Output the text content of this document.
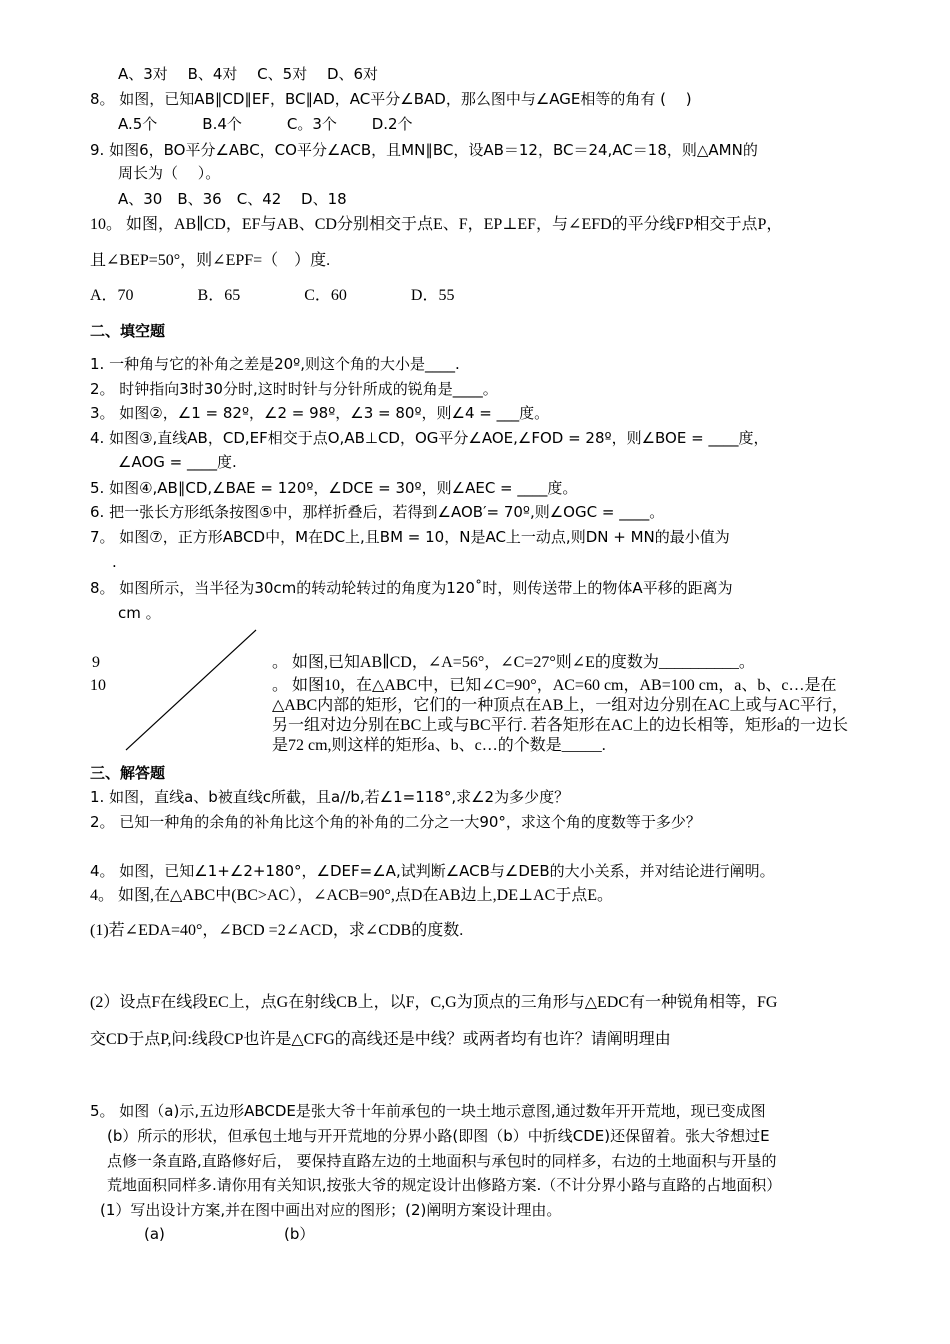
A、3对　 B、4对　 C、5对　 D、6对
8。 如图，已知AB∥CD∥EF，BC∥AD，AC平分∠BAD，那么图中与∠AGE相等的角有 (　 )
A.5个　　　B.4个　　　C。3个　　 D.2个
9. 如图6，BO平分∠ABC，CO平分∠ACB，且MN∥BC，设AB＝12，BC＝24,AC＝18，则△AMN的
周长为（　 ）。
A、30　B、36　C、42　 D、18
10。 如图，AB∥CD，EF与AB、CD分别相交于点E、F，EP⊥EF，与∠EFD的平分线FP相交于点P，
且∠BEP=50°，则∠EPF=（　）度.
A．70　　　　B．65　　　　C．60　　　　D．55
二、填空题
1. 一种角与它的补角之差是20º,则这个角的大小是____.
2。 时钟指向3时30分时,这时时针与分针所成的锐角是____。
3。 如图②，∠1 = 82º，∠2 = 98º，∠3 = 80º，则∠4 = ___度。
4. 如图③,直线AB，CD,EF相交于点O,AB⊥CD，OG平分∠AOE,∠FOD = 28º，则∠BOE = ____度，
∠AOG = ____度.
5. 如图④,AB∥CD,∠BAE = 120º，∠DCE = 30º，则∠AEC = ____度。
6. 把一张长方形纸条按图⑤中，那样折叠后，若得到∠AOB′= 70º,则∠OGC = ____。
7。 如图⑦，正方形ABCD中，M在DC上,且BM = 10，N是AC上一动点,则DN + MN的最小值为
.
8。 如图所示，当半径为30cm的转动轮转过的角度为120˚时，则传送带上的物体A平移的距离为
cm 。
9	。 如图,已知AB∥CD，∠A=56°，∠C=27°则∠E的度数为__________。
10	。 如图10，在△ABC中，已知∠C=90°，AC=60 cm，AB=100 cm，a、b、c…是在△ABC内部的矩形，它们的一种顶点在AB上，一组对边分别在AC上或与AC平行，另一组对边分别在BC上或与BC平行. 若各矩形在AC上的边长相等，矩形a的一边长是72 cm,则这样的矩形a、b、c…的个数是_____.
三、解答题
1. 如图，直线a、b被直线c所截，且a//b,若∠1=118°,求∠2为多少度？
2。 已知一种角的余角的补角比这个角的补角的二分之一大90°，求这个角的度数等于多少？
4。 如图，已知∠1+∠2+180°，∠DEF=∠A,试判断∠ACB与∠DEB的大小关系，并对结论进行阐明。
4。 如图,在△ABC中(BC>AC），∠ACB=90°,点D在AB边上,DE⊥AC于点E。
(1)若∠EDA=40°，∠BCD =2∠ACD，求∠CDB的度数.
(2）设点F在线段EC上，点G在射线CB上，以F，C,G为顶点的三角形与△EDC有一种锐角相等，FG
交CD于点P,问:线段CP也许是△CFG的高线还是中线？或两者均有也许？请阐明理由
5。 如图（a)示,五边形ABCDE是张大爷十年前承包的一块土地示意图,通过数年开开荒地，现已变成图
(b）所示的形状，但承包土地与开开荒地的分界小路(即图（b）中折线CDE)还保留着。张大爷想过E
点修一条直路,直路修好后， 要保持直路左边的土地面积与承包时的同样多，右边的土地面积与开垦的
荒地面积同样多.请你用有关知识,按张大爷的规定设计出修路方案.（不计分界小路与直路的占地面积）
(1）写出设计方案,并在图中画出对应的图形；(2)阐明方案设计理由。
(a)	(b）
